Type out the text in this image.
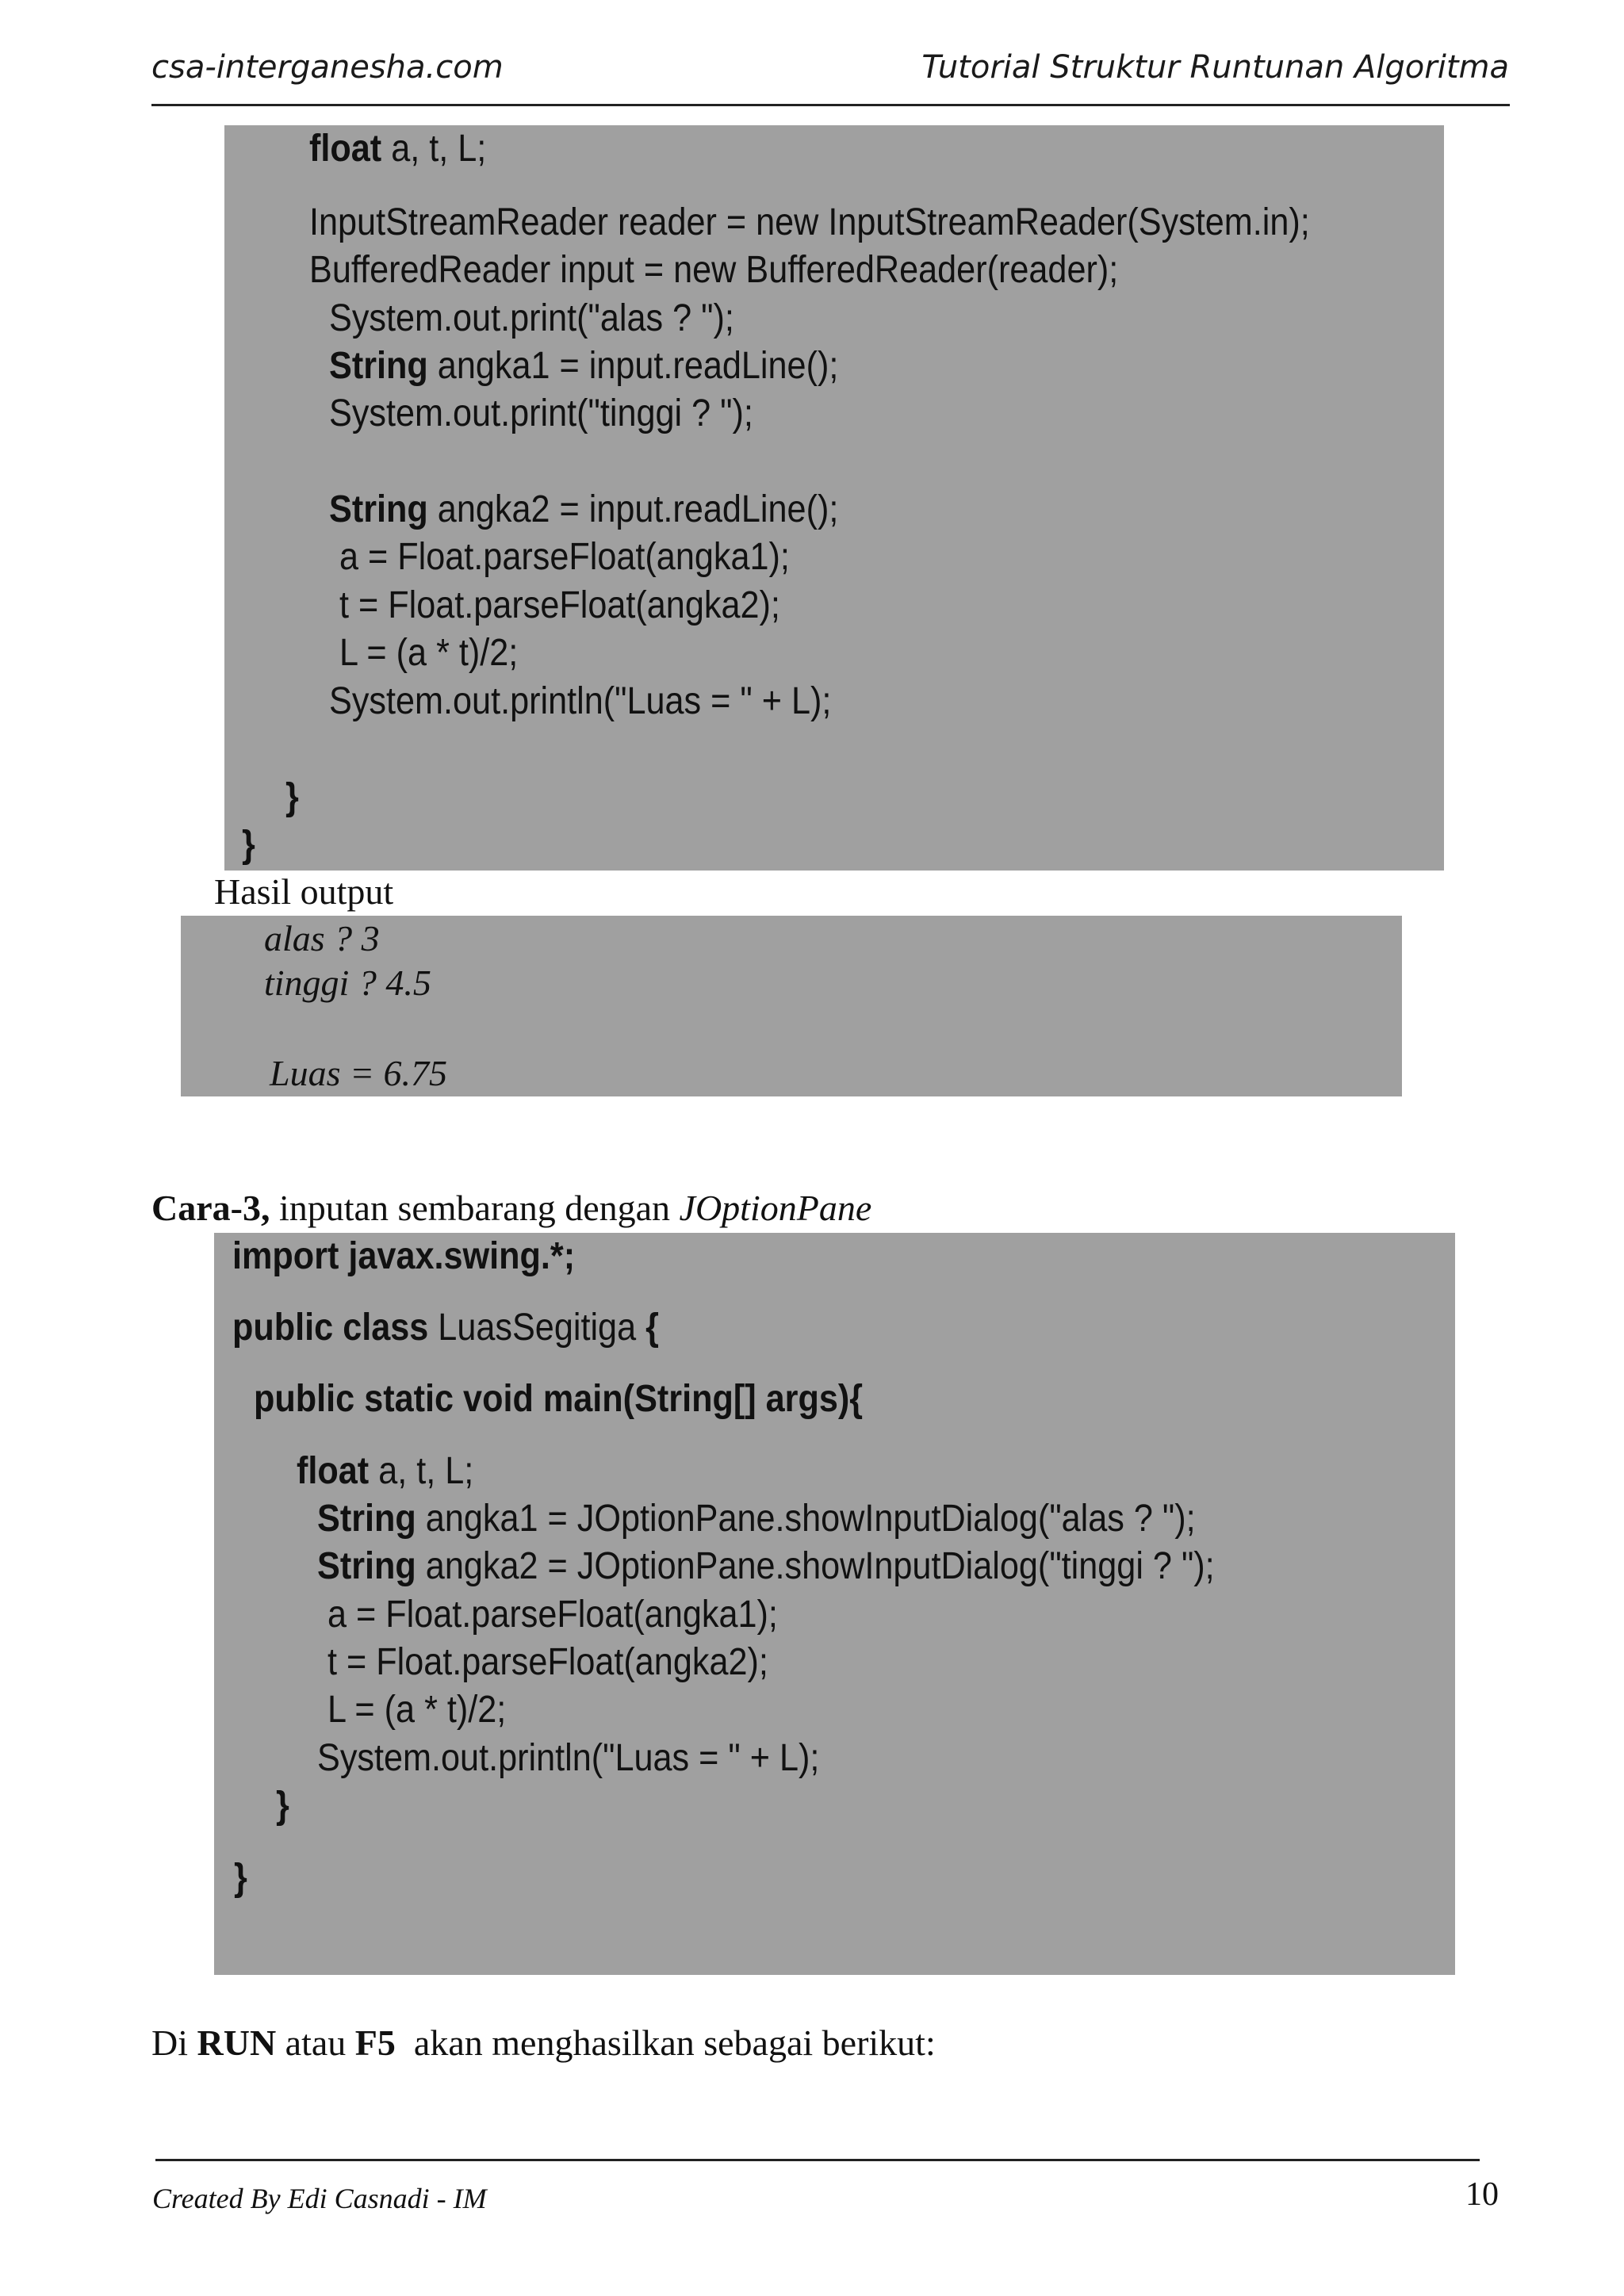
csa-interganesha.com	Tutorial Struktur Runtunan Algoritma
float a, t, L;
InputStreamReader reader = new InputStreamReader(System.in);
BufferedReader input = new BufferedReader(reader);
System.out.print("alas ? ");
String angka1 = input.readLine();
System.out.print("tinggi ? ");
String angka2 = input.readLine();
a = Float.parseFloat(angka1);
t = Float.parseFloat(angka2);
L = (a * t)/2;
System.out.println("Luas = " + L);
}
}
Hasil output
alas ? 3
tinggi ? 4.5
Luas = 6.75
Cara-3, inputan sembarang dengan JOptionPane
import javax.swing.*;
public class LuasSegitiga {
public static void main(String[] args){
float a, t, L;
String angka1 = JOptionPane.showInputDialog("alas ? ");
String angka2 = JOptionPane.showInputDialog("tinggi ? ");
a = Float.parseFloat(angka1);
t = Float.parseFloat(angka2);
L = (a * t)/2;
System.out.println("Luas = " + L);
}
}
Di RUN atau F5  akan menghasilkan sebagai berikut:
Created By Edi Casnadi - IM	10
